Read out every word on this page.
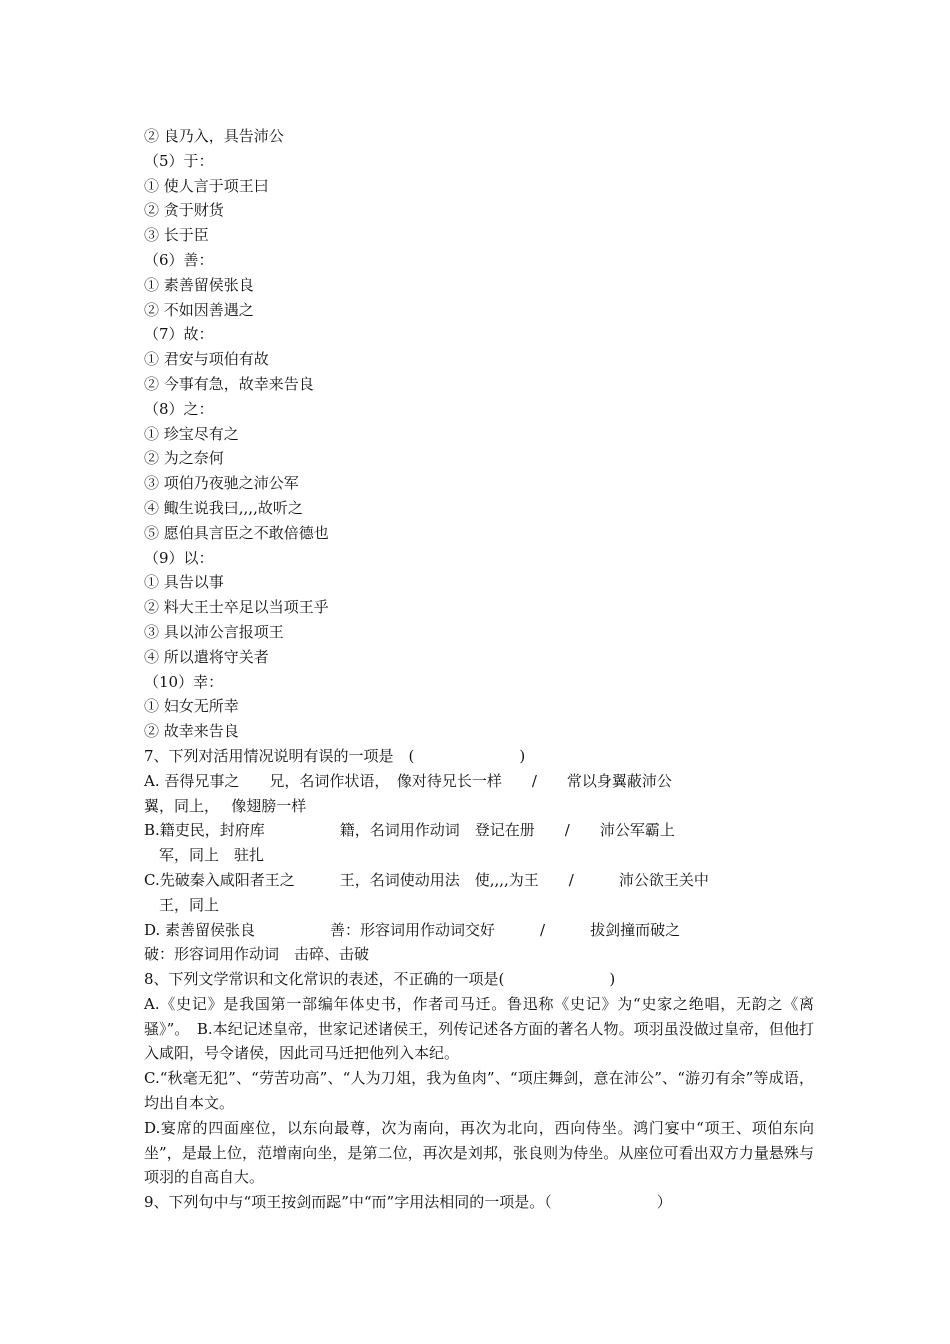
② 良乃入，具告沛公
（5）于：
① 使人言于项王曰
② 贪于财货
③ 长于臣
（6）善：
① 素善留侯张良
② 不如因善遇之
（7）故：
① 君安与项伯有故
② 今事有急，故幸来告良
（8）之：
① 珍宝尽有之
② 为之奈何
③ 项伯乃夜驰之沛公军
④ 鲰生说我曰,,,,故听之
⑤ 愿伯具言臣之不敢倍德也
（9）以：
① 具告以事
② 料大王士卒足以当项王乎
③ 具以沛公言报项王
④ 所以遣将守关者
（10）幸：
① 妇女无所幸
② 故幸来告良
7、下列对活用情况说明有误的一项是　(　　　　　　　)
A. 吾得兄事之　　兄，名词作状语，　像对待兄长一样　　/　　常以身翼蔽沛公
翼，同上，　 像翅膀一样
B.籍吏民，封府库　　　　　籍，名词用作动词　登记在册　　/　　沛公军霸上
　军，同上　驻扎
C.先破秦入咸阳者王之　　　王，名词使动用法　使,,,,为王　　/　　　沛公欲王关中
　王，同上
D. 素善留侯张良　　　　　善：形容词用作动词交好　　　/　　　拔剑撞而破之
破：形容词用作动词　击碎、击破
8、下列文学常识和文化常识的表述，不正确的一项是(　　　　　　　)
A.《史记》是我国第一部编年体史书，作者司马迁。鲁迅称《史记》为“史家之绝唱，无韵之《离骚》”。　B.本纪记述皇帝，世家记述诸侯王，列传记述各方面的著名人物。项羽虽没做过皇帝，但他打入咸阳，号令诸侯，因此司马迁把他列入本纪。
C.“秋毫无犯”、“劳苦功高”、“人为刀俎，我为鱼肉”、“项庄舞剑，意在沛公”、“游刃有余”等成语，均出自本文。
D.宴席的四面座位，以东向最尊，次为南向，再次为北向，西向侍坐。鸿门宴中“项王、项伯东向坐”，是最上位，范增南向坐，是第二位，再次是刘邦，张良则为侍坐。从座位可看出双方力量悬殊与项羽的自高自大。
9、下列句中与“项王按剑而跽”中“而”字用法相同的一项是。（　　　　　　　）
